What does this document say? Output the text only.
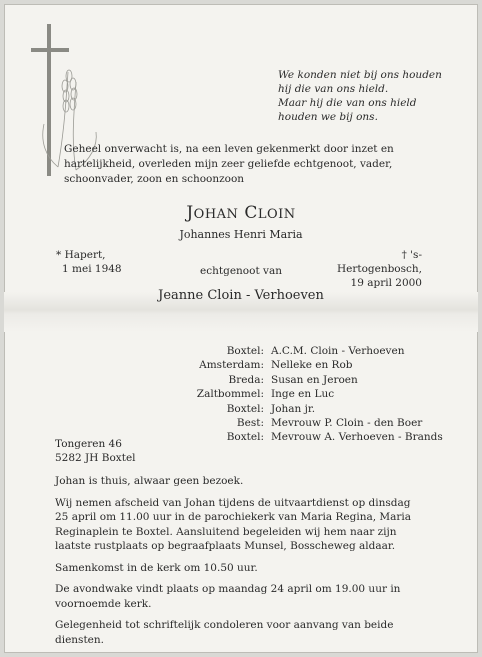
We konden niet bij ons houden
hij die van ons hield.
Maar hij die van ons hield
houden we bij ons.
Geheel onverwacht is, na een leven gekenmerkt door inzet en hartelijkheid, overleden mijn zeer geliefde echtgenoot, vader, schoonvader, zoon en schoonzoon
JOHAN CLOIN
Johannes Henri Maria
* Hapert,
1 mei 1948
† 's-Hertogenbosch,
19 april 2000
echtgenoot van
Jeanne Cloin - Verhoeven
Boxtel: A.C.M. Cloin - Verhoeven
Amsterdam: Nelleke en Rob
Breda: Susan en Jeroen
Zaltbommel: Inge en Luc
Boxtel: Johan jr.
Best: Mevrouw P. Cloin - den Boer
Boxtel: Mevrouw A. Verhoeven - Brands
Tongeren 46
5282 JH Boxtel

Johan is thuis, alwaar geen bezoek.

Wij nemen afscheid van Johan tijdens de uitvaartdienst op dinsdag 25 april om 11.00 uur in de parochiekerk van Maria Regina, Maria Reginaplein te Boxtel. Aansluitend begeleiden wij hem naar zijn laatste rustplaats op begraafplaats Munsel, Bosscheweg aldaar.

Samenkomst in de kerk om 10.50 uur.

De avondwake vindt plaats op maandag 24 april om 19.00 uur in voornoemde kerk.

Gelegenheid tot schriftelijk condoleren voor aanvang van beide diensten.
